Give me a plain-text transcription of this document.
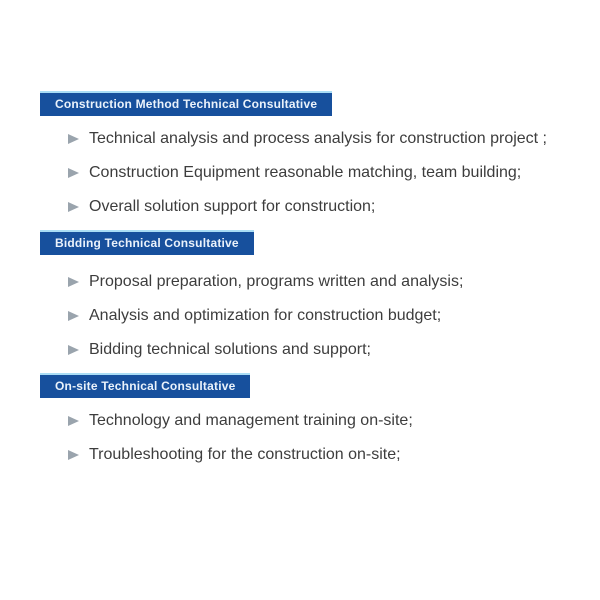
Construction Method Technical Consultative
Technical analysis and process analysis for construction project ;
Construction Equipment reasonable matching, team building;
Overall solution support for construction;
Bidding Technical Consultative
Proposal preparation, programs written and analysis;
Analysis and optimization for construction budget;
Bidding technical solutions and support;
On-site Technical Consultative
Technology and management training on-site;
Troubleshooting for the construction on-site;
